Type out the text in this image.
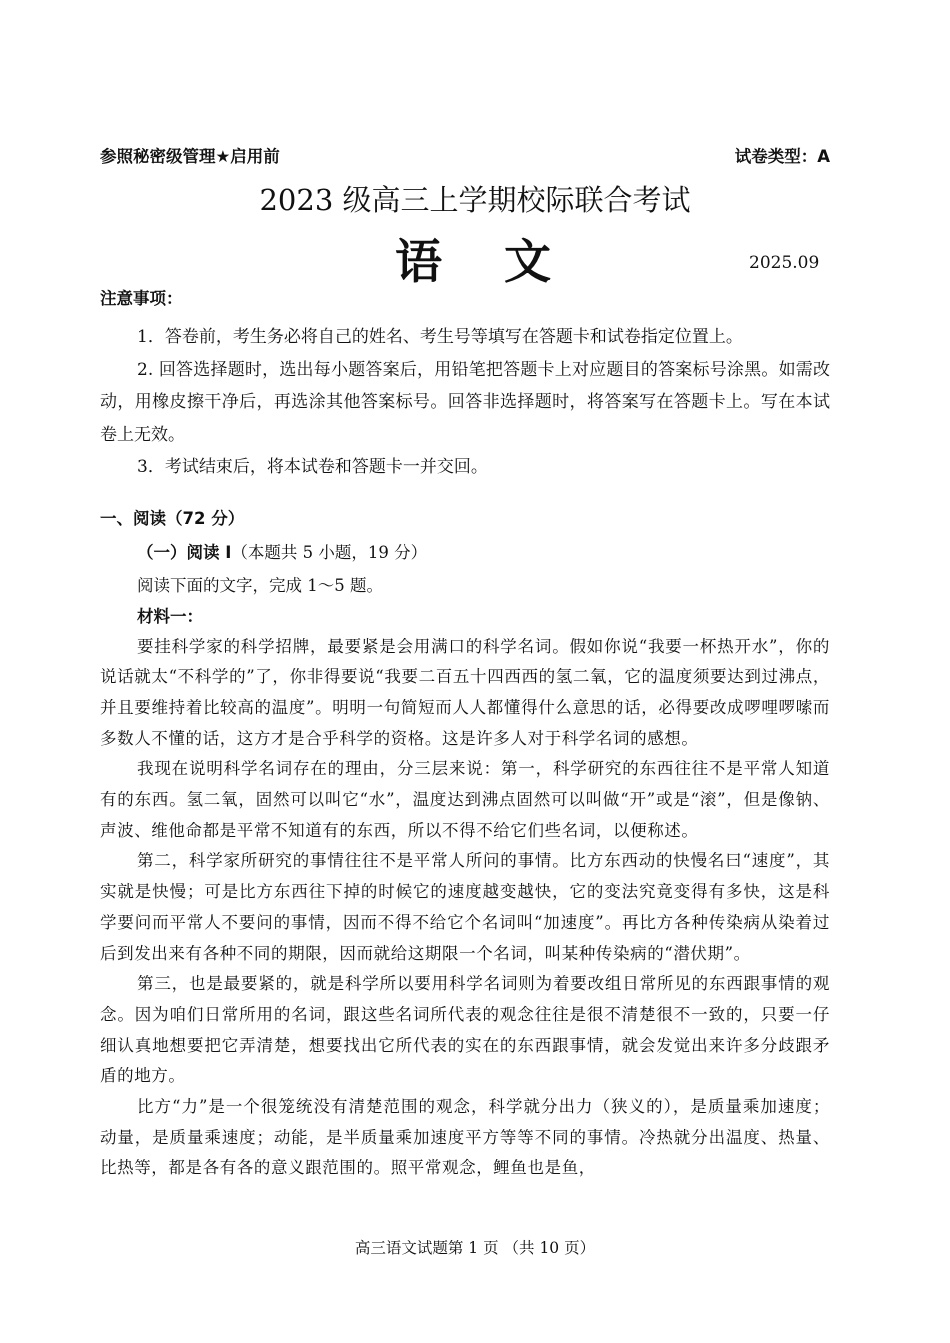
参照秘密级管理★启用前	试卷类型：A
2023 级高三上学期校际联合考试
语文	2025.09
注意事项：

1．答卷前，考生务必将自己的姓名、考生号等填写在答题卡和试卷指定位置上。

2. 回答选择题时，选出每小题答案后，用铅笔把答题卡上对应题目的答案标号涂黑。如需改动，用橡皮擦干净后，再选涂其他答案标号。回答非选择题时，将答案写在答题卡上。写在本试卷上无效。

3．考试结束后，将本试卷和答题卡一并交回。

一、阅读（72 分）
（一）阅读 I（本题共 5 小题，19 分）
阅读下面的文字，完成 1～5 题。
材料一：

要挂科学家的科学招牌，最要紧是会用满口的科学名词。假如你说“我要一杯热开水”，你的说话就太“不科学的”了，你非得要说“我要二百五十四西西的氢二氧，它的温度须要达到过沸点，并且要维持着比较高的温度”。明明一句简短而人人都懂得什么意思的话，必得要改成啰哩啰嗦而多数人不懂的话，这方才是合乎科学的资格。这是许多人对于科学名词的感想。

我现在说明科学名词存在的理由，分三层来说：第一，科学研究的东西往往不是平常人知道有的东西。氢二氧，固然可以叫它“水”，温度达到沸点固然可以叫做“开”或是“滚”，但是像钠、声波、维他命都是平常不知道有的东西，所以不得不给它们些名词，以便称述。

第二，科学家所研究的事情往往不是平常人所问的事情。比方东西动的快慢名曰“速度”，其实就是快慢；可是比方东西往下掉的时候它的速度越变越快，它的变法究竟变得有多快，这是科学要问而平常人不要问的事情，因而不得不给它个名词叫“加速度”。再比方各种传染病从染着过后到发出来有各种不同的期限，因而就给这期限一个名词，叫某种传染病的“潜伏期”。

第三，也是最要紧的，就是科学所以要用科学名词则为着要改组日常所见的东西跟事情的观念。因为咱们日常所用的名词，跟这些名词所代表的观念往往是很不清楚很不一致的，只要一仔细认真地想要把它弄清楚，想要找出它所代表的实在的东西跟事情，就会发觉出来许多分歧跟矛盾的地方。

比方“力”是一个很笼统没有清楚范围的观念，科学就分出力（狭义的），是质量乘加速度；动量，是质量乘速度；动能，是半质量乘加速度平方等等不同的事情。冷热就分出温度、热量、比热等，都是各有各的意义跟范围的。照平常观念，鲤鱼也是鱼，

高三语文试题第 1 页 （共 10 页）
